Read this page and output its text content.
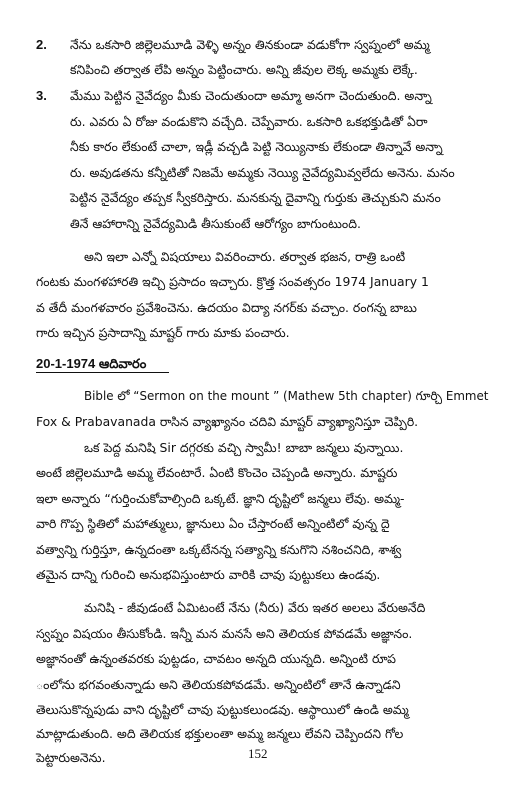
2. నేను ఒకసారి జిల్లెలమూడి వెళ్ళి అన్నం తినకుండా వడుకోగా స్వప్నంలో అమ్మ
కనిపించి తర్వాత లేపి అన్నం పెట్టించారు. అన్ని జీవుల లెక్క అమ్మకు లెక్కే.
3. మేము పెట్టిన నైవేద్యం మీకు చెందుతుందా అమ్మా అనగా చెందుతుంది. అన్నా
రు. ఎవరు ఏ రోజు వండుకొని వచ్చేది. చెప్పేవారు. ఒకసారి ఒకభక్తుడితో ఏరా
నీకు కారం లేకుంటే చాలా, ఇడ్లీ వచ్చడి పెట్టి నెయ్యినాకు లేకుండా తిన్నావే అన్నా
రు. అవుడతను కన్నీటితో నిజమే అమ్మకు నెయ్యి నైవేద్యమివ్వలేదు అనెను. మనం
పెట్టిన నైవేద్యం తప్పక స్వీకరిస్తారు. మనకున్న దైవాన్ని గుర్తుకు తెచ్చుకుని మనం
తినే ఆహారాన్ని నైవేద్యమిడి తీసుకుంటే ఆరోగ్యం బాగుంటుంది.
అని ఇలా ఎన్నో విషయాలు వివరించారు. తర్వాత భజన, రాత్రి ఒంటి
గంటకు మంగళహారతి ఇచ్చి ప్రసాదం ఇచ్చారు. క్రొత్త సంవత్సరం 1974 January 1
వ తేదీ మంగళవారం ప్రవేశించెను. ఉదయం విద్యా నగర్‌కు వచ్చాం. రంగన్న బాబు
గారు ఇచ్చిన ప్రసాదాన్ని మాష్టర్ గారు మాకు పంచారు.
20-1-1974 ఆదివారం
Bible లో “Sermon on the mount ” (Mathew 5th chapter) గూర్చి Emmet
Fox & Prabavanada రాసిన వ్యాఖ్యానం చదివి మాష్టర్ వ్యాఖ్యానిస్తూ చెప్పిరి.
ఒక పెద్ద మనిషి Sir దగ్గరకు వచ్చి స్వామీ! బాబా జన్మలు వున్నాయి.
అంటే జిల్లెలమూడి అమ్మ లేవంటారే. ఏంటి కొంచెం చెప్పండి అన్నారు. మాష్టరు
ఇలా అన్నారు “గుర్తించుకోవాల్సింది ఒక్కటే. జ్ఞాని దృష్టిలో జన్మలు లేవు. అమ్మ-
వారి గొప్ప స్థితిలో మహాత్ములు, జ్ఞానులు ఏం చేస్తారంటే అన్నింటిలో వున్న దై
వత్వాన్ని గుర్తిస్తూ, ఉన్నదంతా ఒక్కటేనన్న సత్యాన్ని కనుగొని నశించనిది, శాశ్వ
తమైన దాన్ని గురించి అనుభవిస్తుంటారు వారికి చావు పుట్టుకలు ఉండవు.
మనిషి - జీవుడంటే ఏమిటంటే నేను (నీరు) వేరు ఇతర అలలు వేరుఅనేది
స్వప్నం విషయం తీసుకోండి. ఇన్నీ మన మనసే అని తెలియక పోవడమే అజ్ఞానం.
అజ్ఞానంతో ఉన్నంతవరకు పుట్టడం, చావటం అన్నది యున్నది. అన్నింటి రూప
ంలోను భగవంతున్నాడు అని తెలియకపోవడమే. అన్నింటిలో తానే ఉన్నాడని
తెలుసుకొన్నపుడు వాని దృష్టిలో చావు పుట్టుకలుండవు. ఆస్థాయిలో ఉండి అమ్మ
మాట్లాడుతుంది. అది తెలియక భక్తులంతా అమ్మ జన్మలు లేవని చెప్పిందని గోల
పెట్టారుఅనెను.	152
